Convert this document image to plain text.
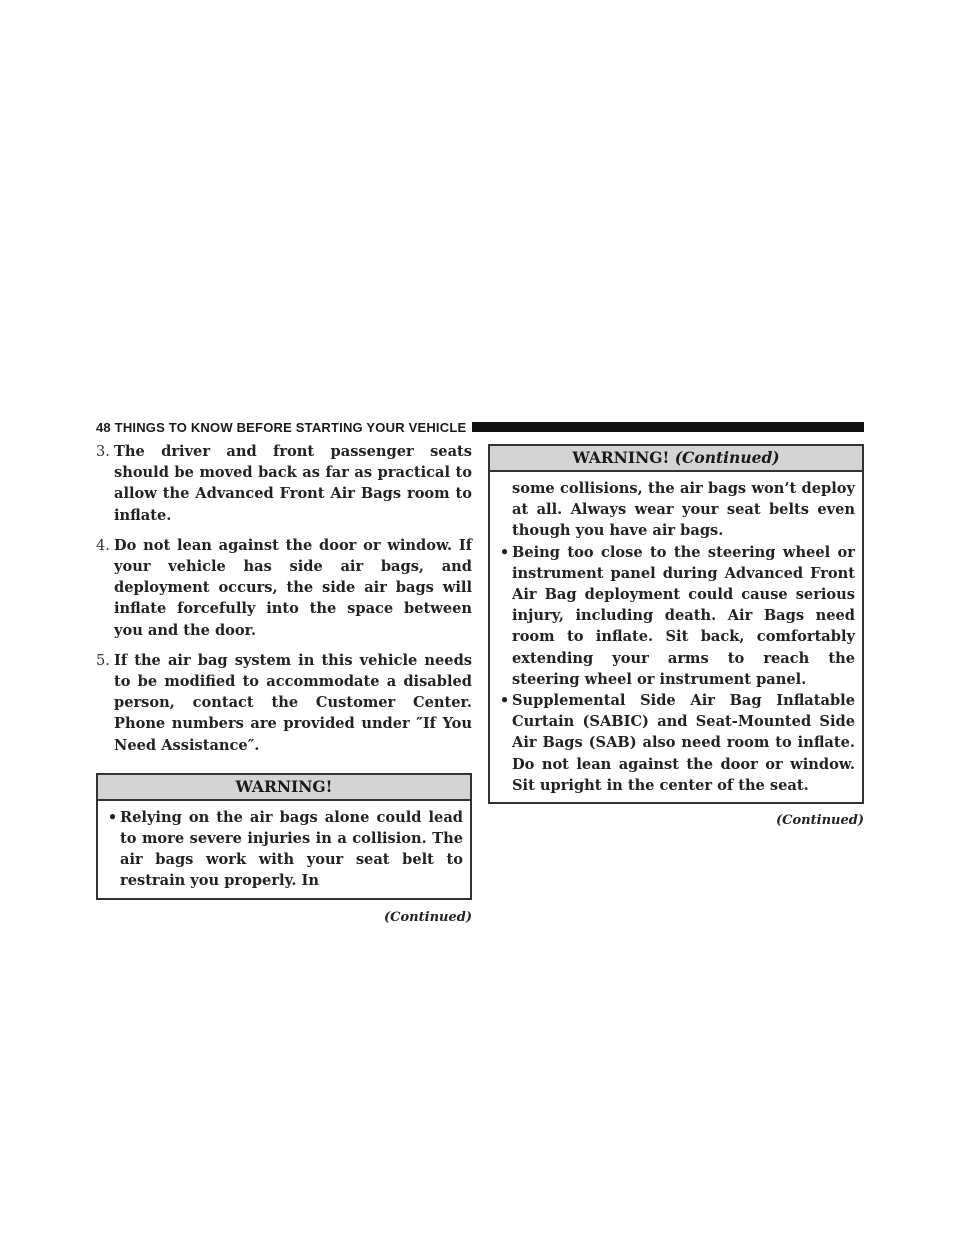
48 THINGS TO KNOW BEFORE STARTING YOUR VEHICLE
3. The driver and front passenger seats should be moved back as far as practical to allow the Advanced Front Air Bags room to inflate.
4. Do not lean against the door or window. If your vehicle has side air bags, and deployment occurs, the side air bags will inflate forcefully into the space between you and the door.
5. If the air bag system in this vehicle needs to be modified to accommodate a disabled person, contact the Customer Center. Phone numbers are provided under ″If You Need Assistance″.
WARNING!
• Relying on the air bags alone could lead to more severe injuries in a collision. The air bags work with your seat belt to restrain you properly. In
(Continued)
WARNING! (Continued)
some collisions, the air bags won’t deploy at all. Always wear your seat belts even though you have air bags.
• Being too close to the steering wheel or instrument panel during Advanced Front Air Bag deployment could cause serious injury, including death. Air Bags need room to inflate. Sit back, comfortably extending your arms to reach the steering wheel or instrument panel.
• Supplemental Side Air Bag Inflatable Curtain (SABIC) and Seat-Mounted Side Air Bags (SAB) also need room to inflate. Do not lean against the door or window. Sit upright in the center of the seat.
(Continued)
